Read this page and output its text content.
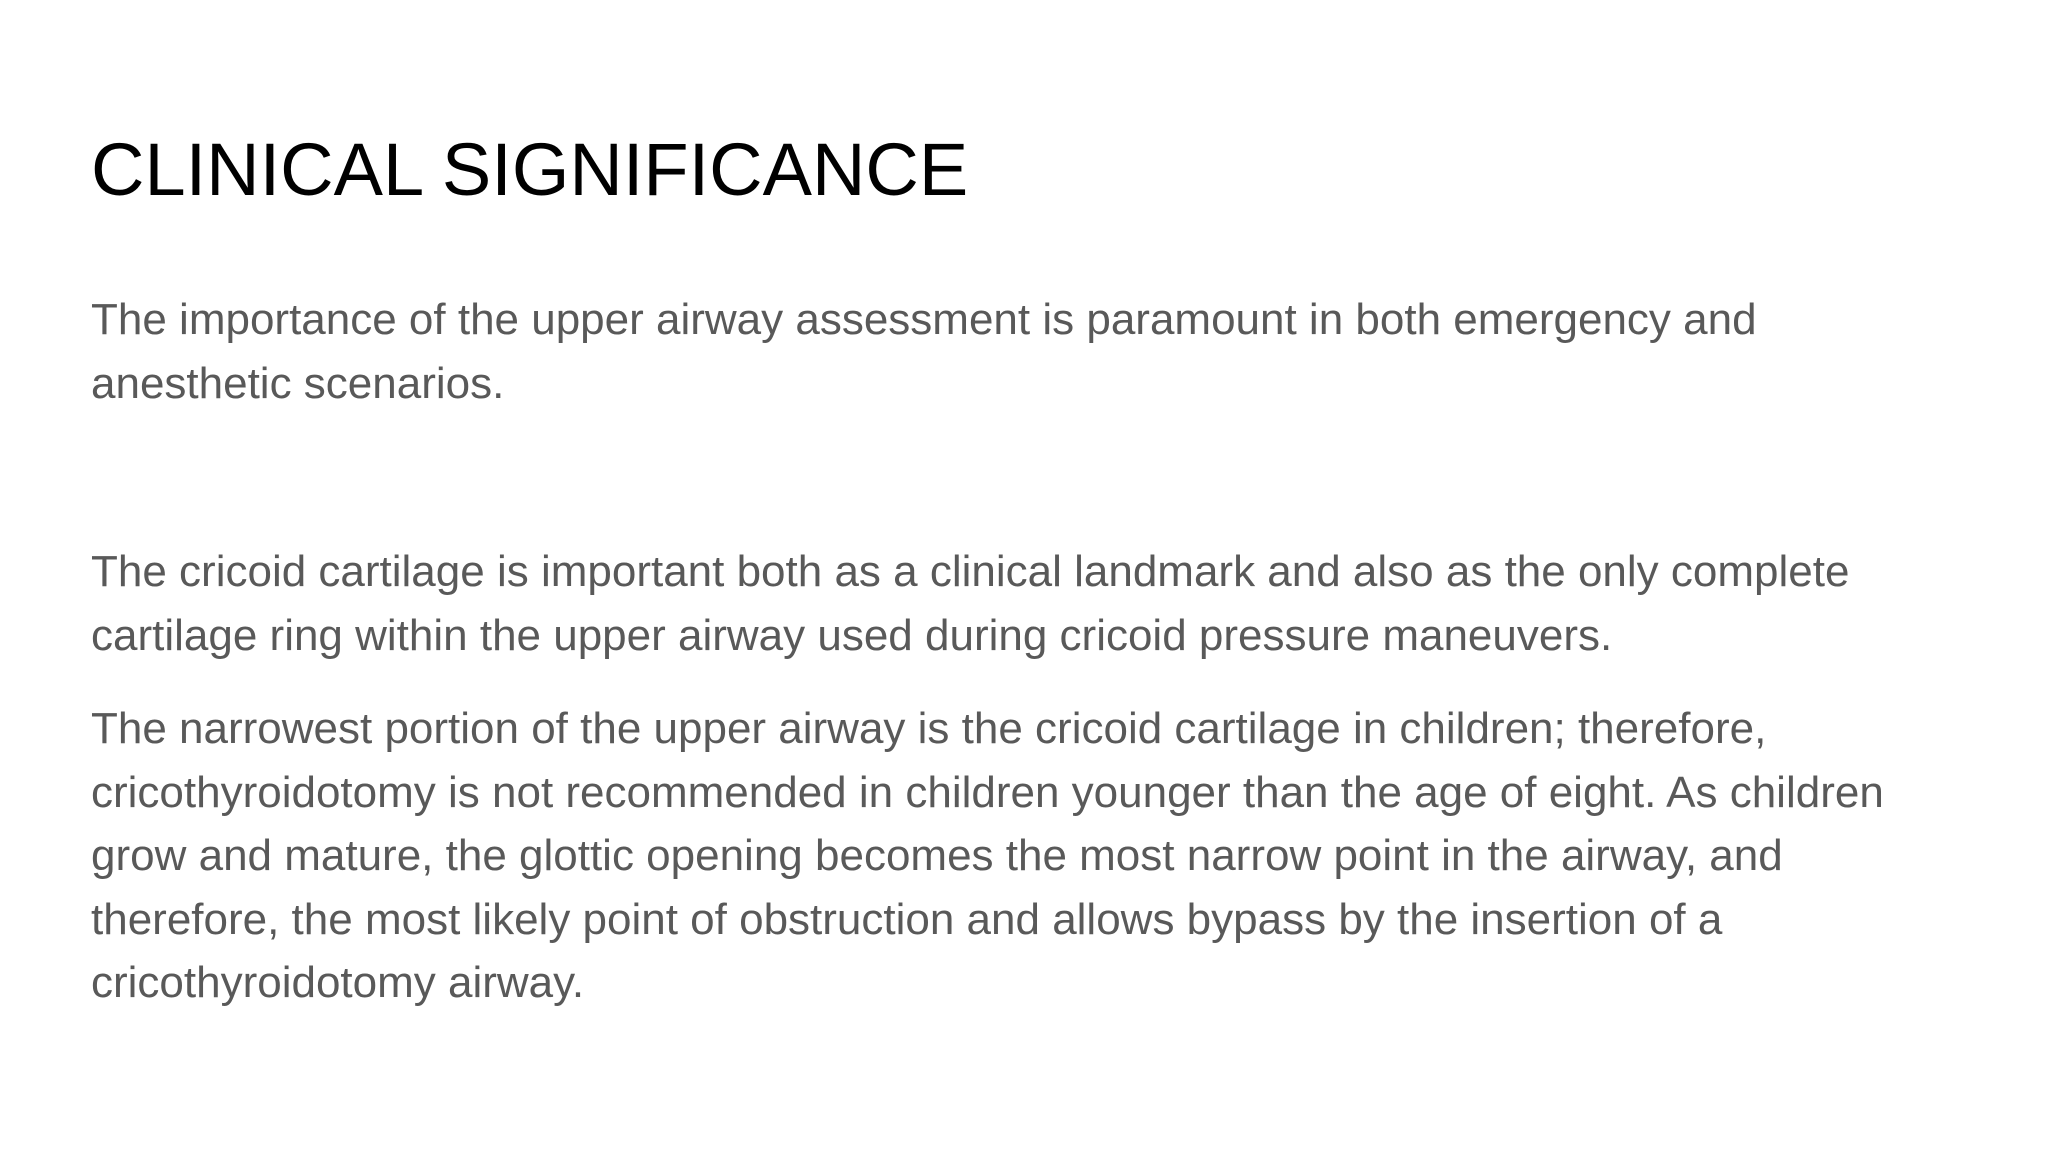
CLINICAL SIGNIFICANCE

The importance of the upper airway assessment is paramount in both emergency and
anesthetic scenarios.

The cricoid cartilage is important both as a clinical landmark and also as the only complete
cartilage ring within the upper airway used during cricoid pressure maneuvers.

The narrowest portion of the upper airway is the cricoid cartilage in children; therefore,
cricothyroidotomy is not recommended in children younger than the age of eight. As children
grow and mature, the glottic opening becomes the most narrow point in the airway, and
therefore, the most likely point of obstruction and allows bypass by the insertion of a
cricothyroidotomy airway.
